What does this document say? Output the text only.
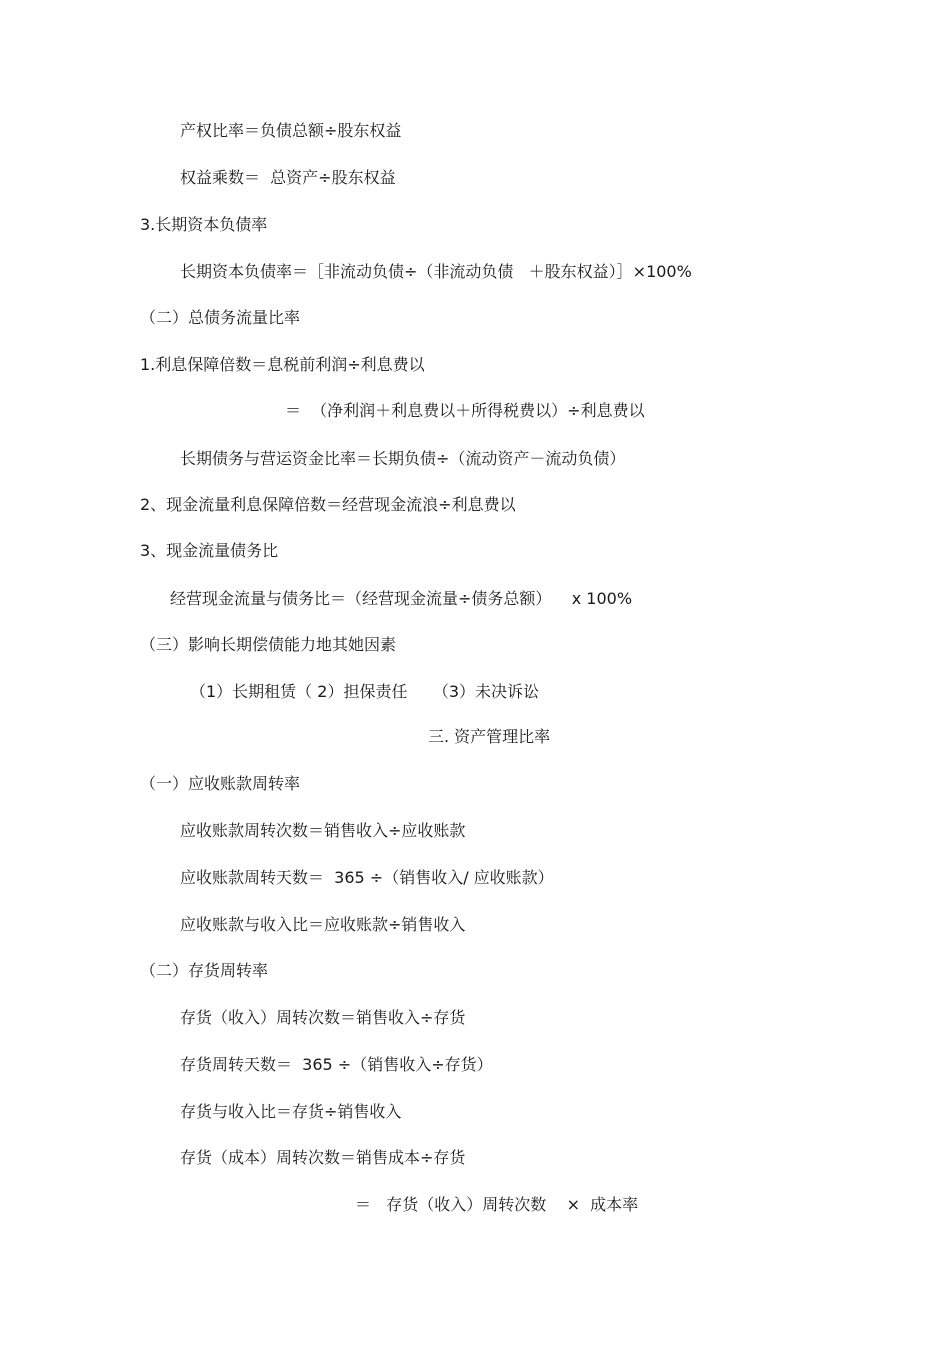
产权比率＝负债总额÷股东权益
权益乘数＝  总资产÷股东权益
3.长期资本负债率
长期资本负债率＝［非流动负债÷（非流动负债   ＋股东权益）］×100%
（二）总债务流量比率
1.利息保障倍数＝息税前利润÷利息费以
＝  （净利润＋利息费以＋所得税费以）÷利息费以
长期债务与营运资金比率＝长期负债÷（流动资产－流动负债）
2、现金流量利息保障倍数＝经营现金流浪÷利息费以
3、现金流量债务比
经营现金流量与债务比＝（经营现金流量÷债务总额）    x 100%
（三）影响长期偿债能力地其她因素
（1）长期租赁（ 2）担保责任     （3）未决诉讼
三. 资产管理比率
（一）应收账款周转率
应收账款周转次数＝销售收入÷应收账款
应收账款周转天数＝  365 ÷（销售收入/ 应收账款）
应收账款与收入比＝应收账款÷销售收入
（二）存货周转率
存货（收入）周转次数＝销售收入÷存货
存货周转天数＝  365 ÷（销售收入÷存货）
存货与收入比＝存货÷销售收入
存货（成本）周转次数＝销售成本÷存货
＝   存货（收入）周转次数    ×  成本率
